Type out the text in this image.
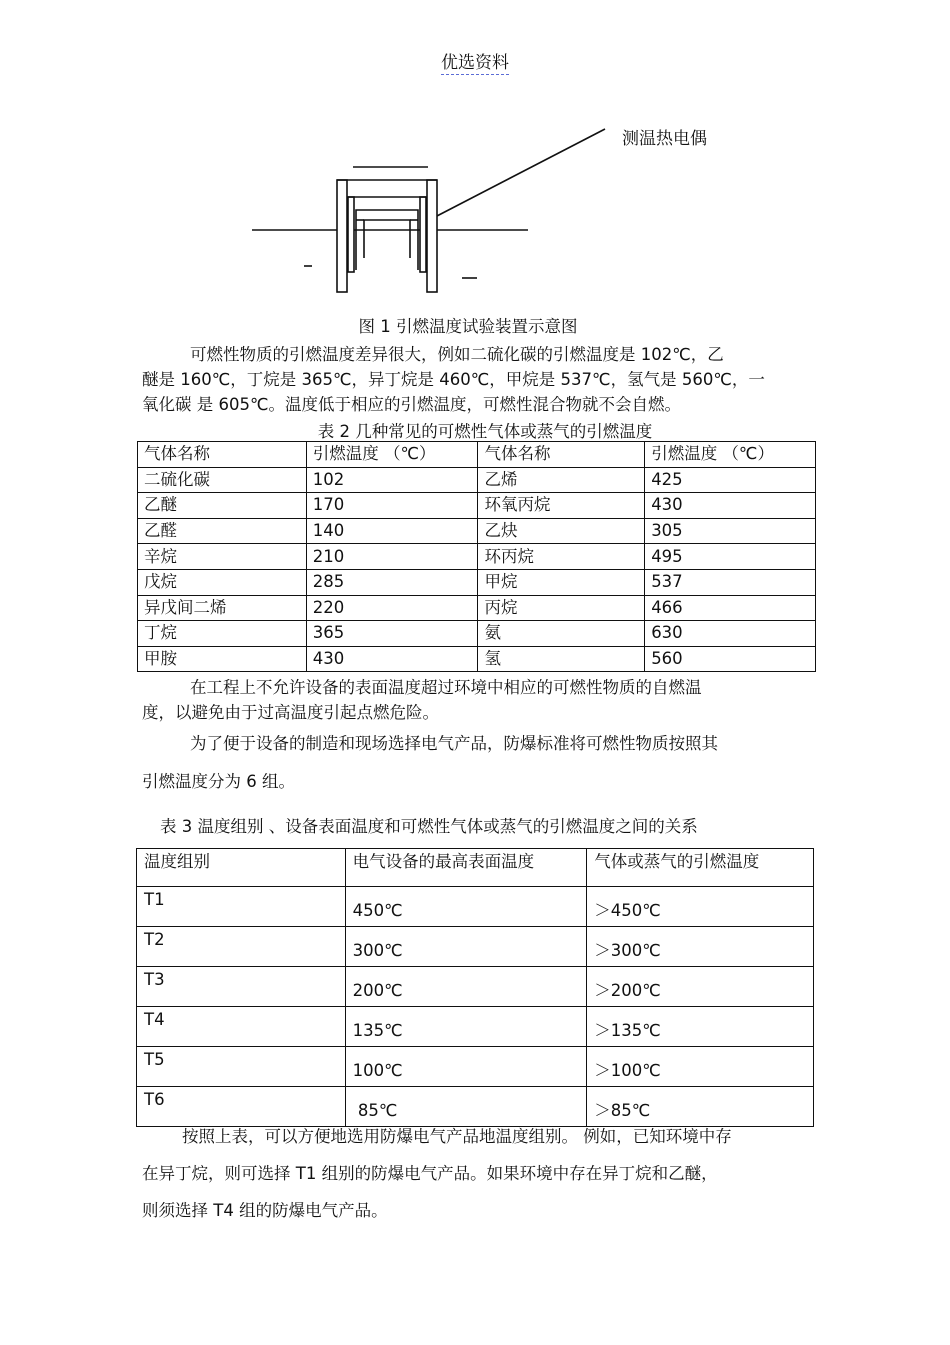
优选资料
测温热电偶
图 1 引燃温度试验装置示意图

可燃性物质的引燃温度差异很大，例如二硫化碳的引燃温度是 102℃，乙

醚是 160℃，丁烷是 365℃，异丁烷是 460℃，甲烷是 537℃，氢气是 560℃，一

氧化碳 是 605℃。温度低于相应的引燃温度，可燃性混合物就不会自燃。

表 2 几种常见的可燃性气体或蒸气的引燃温度
气体名称	引燃温度 （℃）	气体名称	引燃温度 （℃）
二硫化碳	102	乙烯	425
乙醚	170	环氧丙烷	430
乙醛	140	乙炔	305
辛烷	210	环丙烷	495
戊烷	285	甲烷	537
异戊间二烯	220	丙烷	466
丁烷	365	氨	630
甲胺	430	氢	560

在工程上不允许设备的表面温度超过环境中相应的可燃性物质的自燃温

度，以避免由于过高温度引起点燃危险。

为了便于设备的制造和现场选择电气产品，防爆标准将可燃性物质按照其
引燃温度分为 6 组。
表 3 温度组别 、设备表面温度和可燃性气体或蒸气的引燃温度之间的关系
温度组别	电气设备的最高表面温度	气体或蒸气的引燃温度
T1	450℃	＞450℃
T2	300℃	＞300℃
T3	200℃	＞200℃
T4	135℃	＞135℃
T5	100℃	＞100℃
T6	85℃	＞85℃
按照上表，可以方便地选用防爆电气产品地温度组别。 例如，已知环境中存
在异丁烷，则可选择 T1 组别的防爆电气产品。如果环境中存在异丁烷和乙醚，
则须选择 T4 组的防爆电气产品。
